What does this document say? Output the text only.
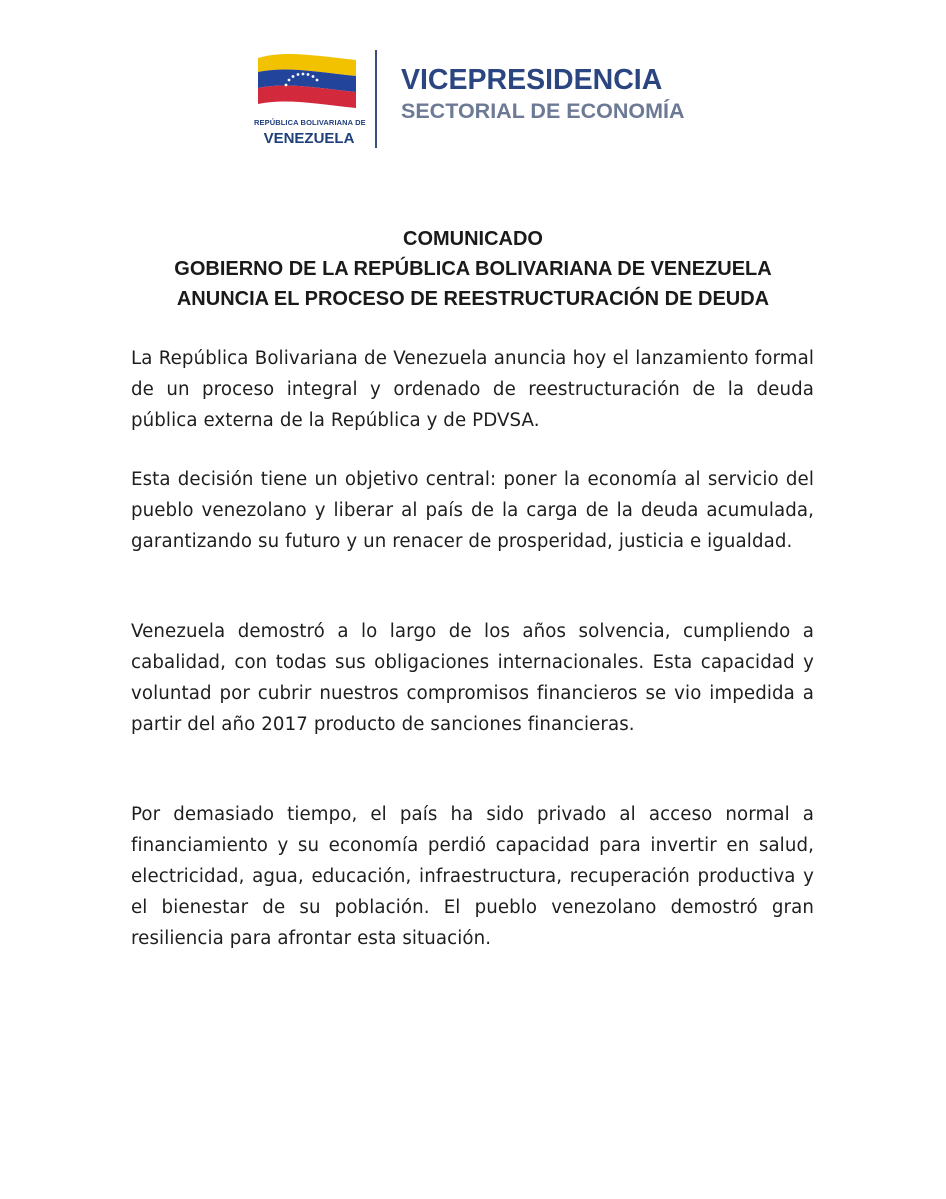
REPÚBLICA BOLIVARIANA DE
VENEZUELA
VICEPRESIDENCIA
SECTORIAL DE ECONOMÍA
COMUNICADO
GOBIERNO DE LA REPÚBLICA BOLIVARIANA DE VENEZUELA
ANUNCIA EL PROCESO DE REESTRUCTURACIÓN DE DEUDA

La República Bolivariana de Venezuela anuncia hoy el lanzamiento formal de un proceso integral y ordenado de reestructuración de la deuda pública externa de la República y de PDVSA.

Esta decisión tiene un objetivo central: poner la economía al servicio del pueblo venezolano y liberar al país de la carga de la deuda acumulada, garantizando su futuro y un renacer de prosperidad, justicia e igualdad.

Venezuela demostró a lo largo de los años solvencia, cumpliendo a cabalidad, con todas sus obligaciones internacionales. Esta capacidad y voluntad por cubrir nuestros compromisos financieros se vio impedida a partir del año 2017 producto de sanciones financieras.

Por demasiado tiempo, el país ha sido privado al acceso normal a financiamiento y su economía perdió capacidad para invertir en salud, electricidad, agua, educación, infraestructura, recuperación productiva y el bienestar de su población. El pueblo venezolano demostró gran resiliencia para afrontar esta situación.
